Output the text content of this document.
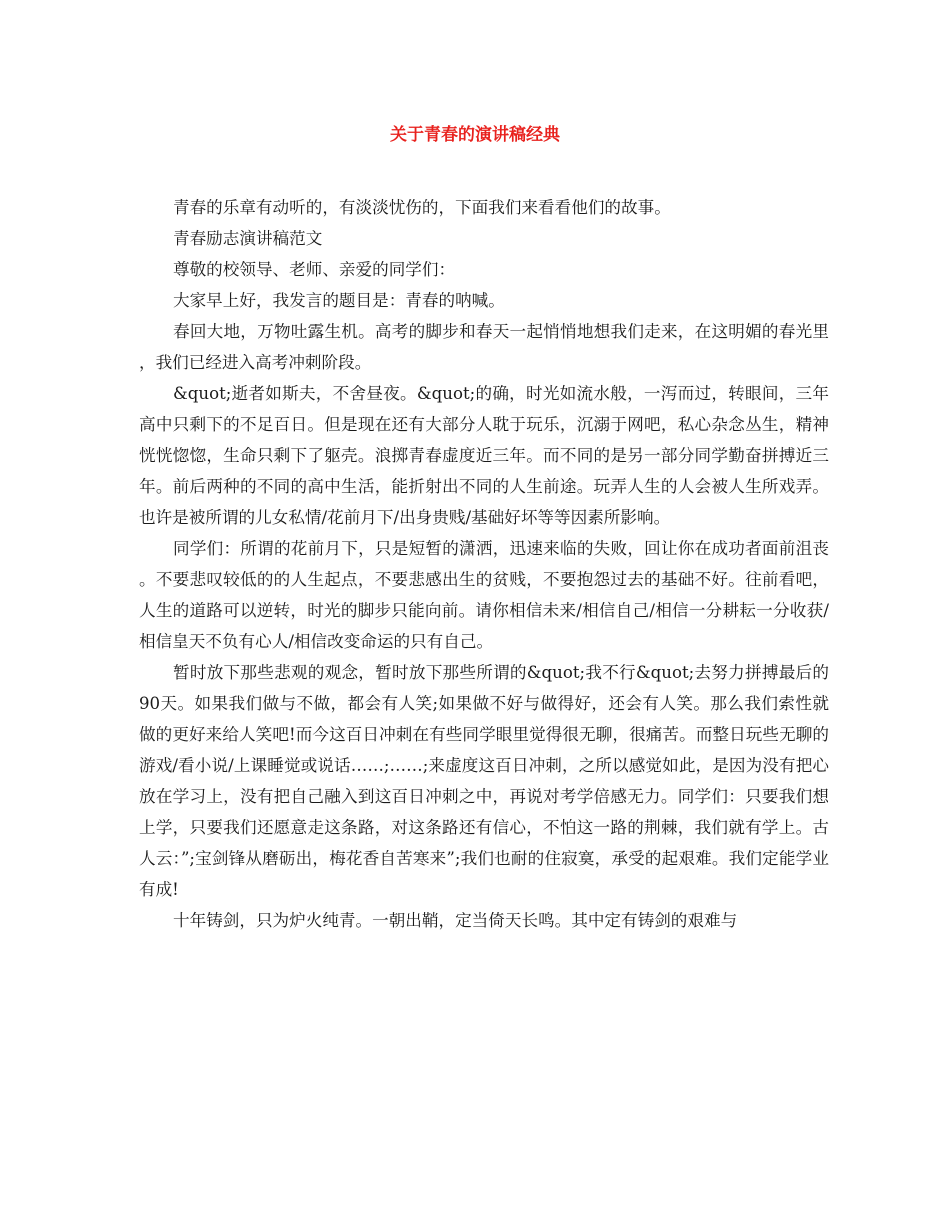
关于青春的演讲稿经典

青春的乐章有动听的，有淡淡忧伤的，下面我们来看看他们的故事。

青春励志演讲稿范文

尊敬的校领导、老师、亲爱的同学们：

大家早上好，我发言的题目是：青春的呐喊。

春回大地，万物吐露生机。高考的脚步和春天一起悄悄地想我们走来，在这明媚的春光里，我们已经进入高考冲刺阶段。

&quot;逝者如斯夫，不舍昼夜。&quot;的确，时光如流水般，一泻而过，转眼间，三年高中只剩下的不足百日。但是现在还有大部分人耽于玩乐，沉溺于网吧，私心杂念丛生，精神恍恍惚惚，生命只剩下了躯壳。浪掷青春虚度近三年。而不同的是另一部分同学勤奋拼搏近三年。前后两种的不同的高中生活，能折射出不同的人生前途。玩弄人生的人会被人生所戏弄。也许是被所谓的儿女私情/花前月下/出身贵贱/基础好坏等等因素所影响。

同学们：所谓的花前月下，只是短暂的潇洒，迅速来临的失败，回让你在成功者面前沮丧。不要悲叹较低的的人生起点，不要悲感出生的贫贱，不要抱怨过去的基础不好。往前看吧，人生的道路可以逆转，时光的脚步只能向前。请你相信未来/相信自己/相信一分耕耘一分收获/相信皇天不负有心人/相信改变命运的只有自己。

暂时放下那些悲观的观念，暂时放下那些所谓的&quot;我不行&quot;去努力拼搏最后的90天。如果我们做与不做，都会有人笑;如果做不好与做得好，还会有人笑。那么我们索性就做的更好来给人笑吧!而今这百日冲刺在有些同学眼里觉得很无聊，很痛苦。而整日玩些无聊的游戏/看小说/上课睡觉或说话……;……;来虚度这百日冲刺，之所以感觉如此，是因为没有把心放在学习上，没有把自己融入到这百日冲刺之中，再说对考学倍感无力。同学们：只要我们想上学，只要我们还愿意走这条路，对这条路还有信心，不怕这一路的荆棘，我们就有学上。古人云：”;宝剑锋从磨砺出，梅花香自苦寒来”;我们也耐的住寂寞，承受的起艰难。我们定能学业有成!

十年铸剑，只为炉火纯青。一朝出鞘，定当倚天长鸣。其中定有铸剑的艰难与
